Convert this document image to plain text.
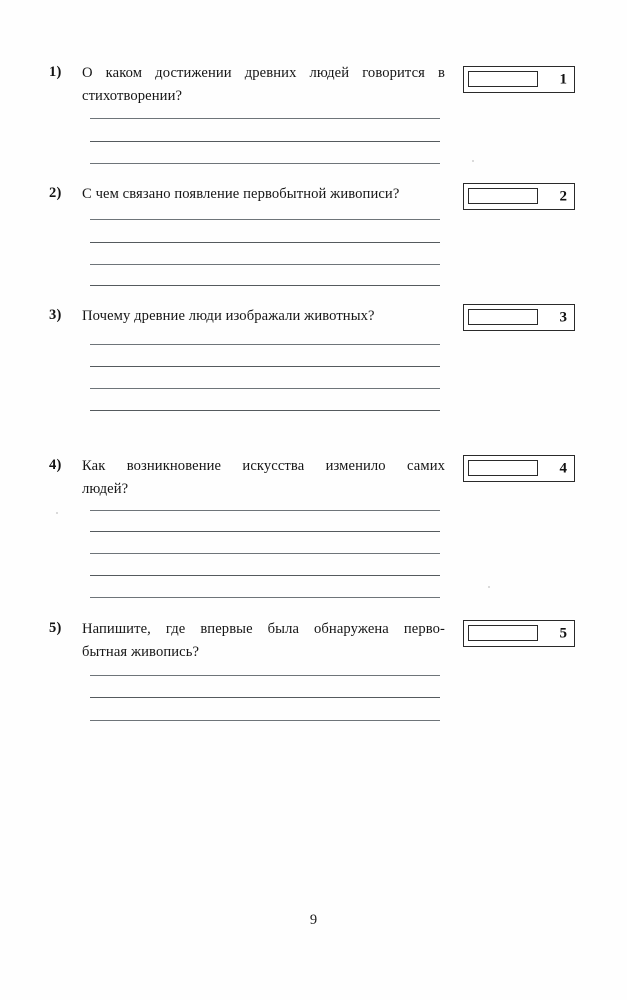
1) О каком достижении древних людей говорится в
стихотворении?
1
2) С чем связано появление первобытной живописи?	2
3) Почему древние люди изображали животных?	3
4) Как возникновение искусства изменило самих
людей?
4
5) Напишите, где впервые была обнаружена перво-
бытная живопись?
5
9
